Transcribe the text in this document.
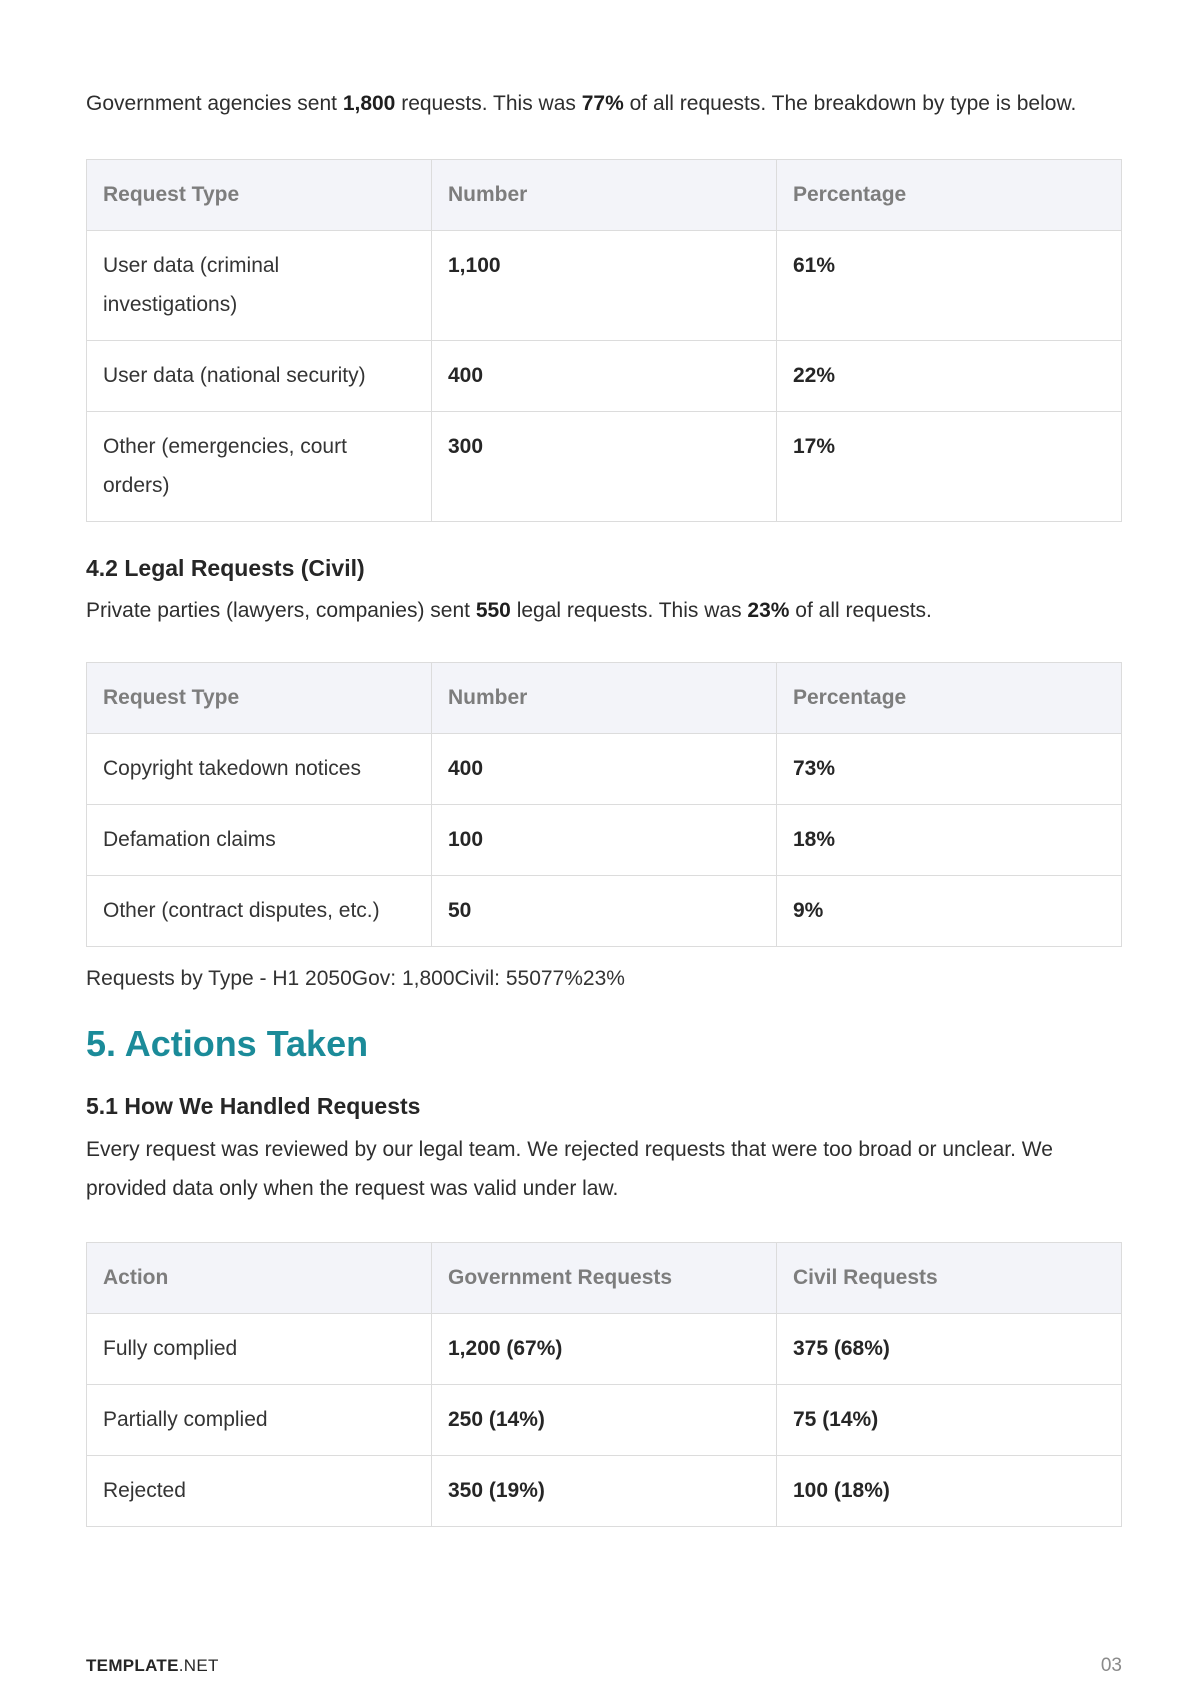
Government agencies sent 1,800 requests. This was 77% of all requests. The breakdown by type is below.

Request Type	Number	Percentage
User data (criminal investigations)	1,100	61%
User data (national security)	400	22%
Other (emergencies, court orders)	300	17%
4.2 Legal Requests (Civil)

Private parties (lawyers, companies) sent 550 legal requests. This was 23% of all requests.

Request Type	Number	Percentage
Copyright takedown notices	400	73%
Defamation claims	100	18%
Other (contract disputes, etc.)	50	9%

Requests by Type - H1 2050Gov: 1,800Civil: 55077%23%

5. Actions Taken
5.1 How We Handled Requests

Every request was reviewed by our legal team. We rejected requests that were too broad or unclear. We provided data only when the request was valid under law.

Action	Government Requests	Civil Requests
Fully complied	1,200 (67%)	375 (68%)
Partially complied	250 (14%)	75 (14%)
Rejected	350 (19%)	100 (18%)
TEMPLATE.NET	03
